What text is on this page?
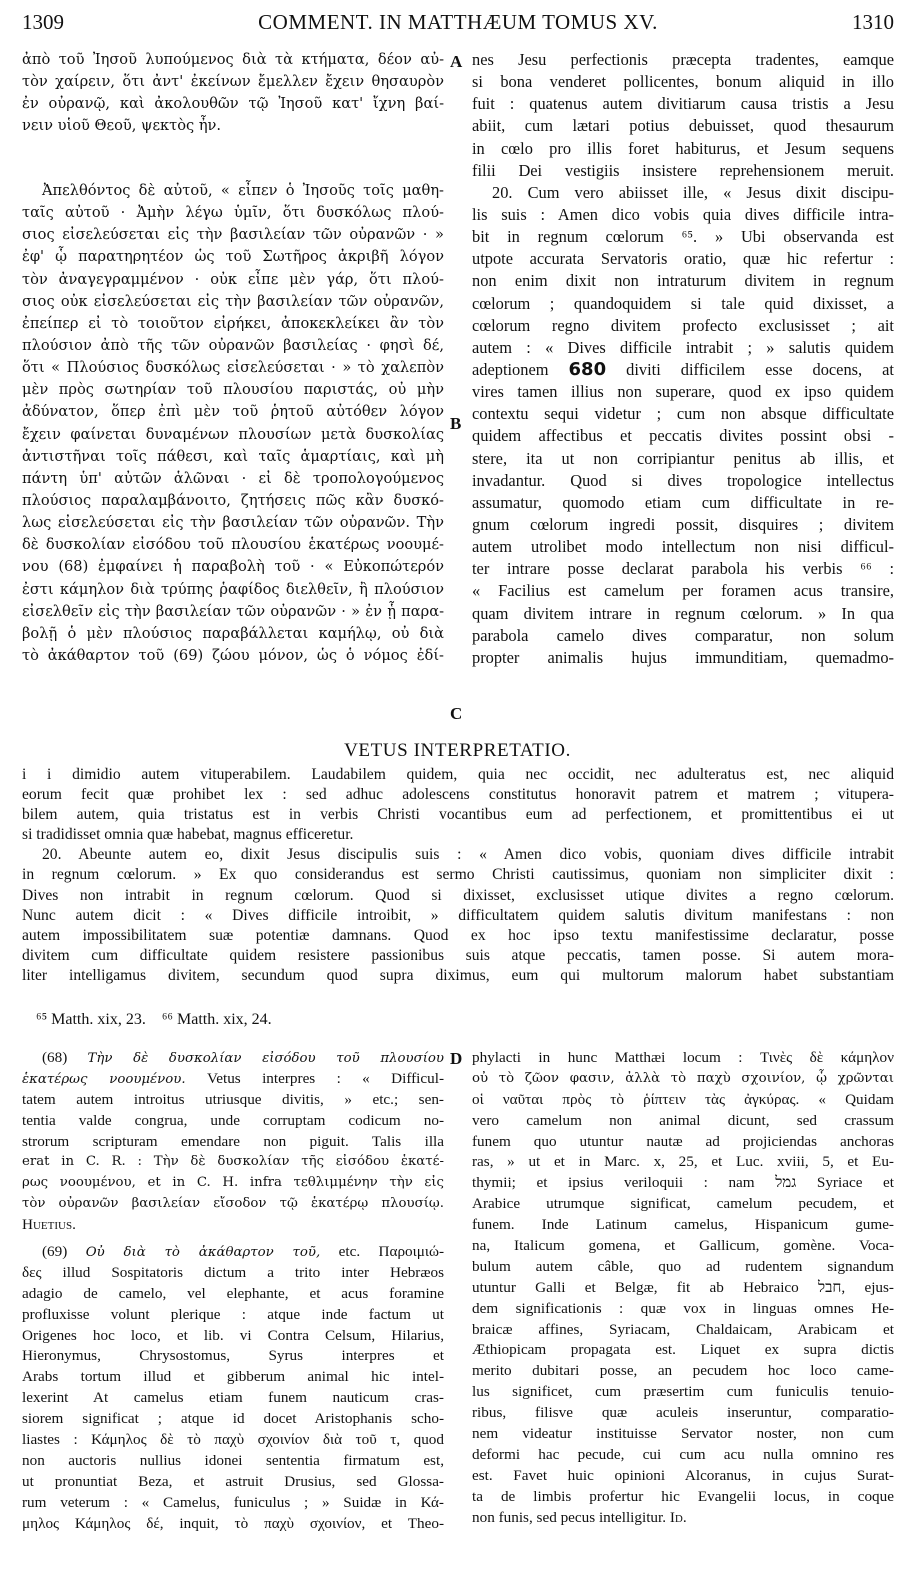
1309	COMMENT. IN MATTHÆUM TOMUS XV.	1310
ἀπὸ τοῦ Ἰησοῦ λυπούμενος διὰ τὰ κτήματα, δέον αὐ-
τὸν χαίρειν, ὅτι ἀντ' ἐκείνων ἔμελλεν ἔχειν θησαυρὸν
ἐν οὐρανῷ, καὶ ἀκολουθῶν τῷ Ἰησοῦ κατ' ἴχνη βαί-
νειν υἱοῦ Θεοῦ, ψεκτὸς ἦν.
Ἀπελθόντος δὲ αὐτοῦ, « εἶπεν ὁ Ἰησοῦς τοῖς μαθη-
ταῖς αὐτοῦ · Ἀμὴν λέγω ὑμῖν, ὅτι δυσκόλως πλού-
σιος εἰσελεύσεται εἰς τὴν βασιλείαν τῶν οὐρανῶν · »
ἐφ' ᾧ παρατηρητέον ὡς τοῦ Σωτῆρος ἀκριβῆ λόγον
τὸν ἀναγεγραμμένον · οὐκ εἶπε μὲν γάρ, ὅτι πλού-
σιος οὐκ εἰσελεύσεται εἰς τὴν βασιλείαν τῶν οὐρανῶν,
ἐπείπερ εἰ τὸ τοιοῦτον εἰρήκει, ἀποκεκλείκει ἂν τὸν
πλούσιον ἀπὸ τῆς τῶν οὐρανῶν βασιλείας · φησὶ δέ,
ὅτι « Πλούσιος δυσκόλως εἰσελεύσεται · » τὸ χαλεπὸν
μὲν πρὸς σωτηρίαν τοῦ πλουσίου παριστάς, οὐ μὴν
ἀδύνατον, ὅπερ ἐπὶ μὲν τοῦ ῥητοῦ αὐτόθεν λόγον
ἔχειν φαίνεται δυναμένων πλουσίων μετὰ δυσκολίας
ἀντιστῆναι τοῖς πάθεσι, καὶ ταῖς ἁμαρτίαις, καὶ μὴ
πάντη ὑπ' αὐτῶν ἁλῶναι · εἰ δὲ τροπολογούμενος
πλούσιος παραλαμβάνοιτο, ζητήσεις πῶς κἂν δυσκό-
λως εἰσελεύσεται εἰς τὴν βασιλείαν τῶν οὐρανῶν. Τὴν
δὲ δυσκολίαν εἰσόδου τοῦ πλουσίου ἑκατέρως νοουμέ-
νου (68) ἐμφαίνει ἡ παραβολὴ τοῦ · « Εὐκοπώτερόν
ἐστι κάμηλον διὰ τρύπης ῥαφίδος διελθεῖν, ἢ πλούσιον
εἰσελθεῖν εἰς τὴν βασιλείαν τῶν οὐρανῶν · » ἐν ᾗ παρα-
βολῇ ὁ μὲν πλούσιος παραβάλλεται καμήλῳ, οὐ διὰ
τὸ ἀκάθαρτον τοῦ (69) ζώου μόνον, ὡς ὁ νόμος ἐδί-
A
B
C
nes Jesu perfectionis præcepta tradentes, eamque
si bona venderet pollicentes, bonum aliquid in illo
fuit : quatenus autem divitiarum causa tristis a Jesu
abiit, cum lætari potius debuisset, quod thesaurum
in cœlo pro illis foret habiturus, et Jesum sequens
filii Dei vestigiis insistere reprehensionem meruit.
20. Cum vero abiisset ille, « Jesus dixit discipu-
lis suis : Amen dico vobis quia dives difficile intra-
bit in regnum cœlorum ⁶⁵. » Ubi observanda est
utpote accurata Servatoris oratio, quæ hic refertur :
non enim dixit non intraturum divitem in regnum
cœlorum ; quandoquidem si tale quid dixisset, a
cœlorum regno divitem profecto exclusisset ; ait
autem : « Dives difficile intrabit ; » salutis quidem
adeptionem 680 diviti difficilem esse docens, at
vires tamen illius non superare, quod ex ipso quidem
contextu sequi videtur ; cum non absque difficultate
quidem affectibus et peccatis divites possint obsi -
stere, ita ut non corripiantur penitus ab illis, et
invadantur. Quod si dives tropologice intellectus
assumatur, quomodo etiam cum difficultate in re-
gnum cœlorum ingredi possit, disquires ; divitem
autem utrolibet modo intellectum non nisi difficul-
ter intrare posse declarat parabola his verbis ⁶⁶ :
« Facilius est camelum per foramen acus transire,
quam divitem intrare in regnum cœlorum. » In qua
parabola camelo dives comparatur, non solum
propter animalis hujus immunditiam, quemadmo-
VETUS INTERPRETATIO.
i i dimidio autem vituperabilem. Laudabilem quidem, quia nec occidit, nec adulteratus est, nec aliquid
eorum fecit quæ prohibet lex : sed adhuc adolescens constitutus honoravit patrem et matrem ; vitupera-
bilem autem, quia tristatus est in verbis Christi vocantibus eum ad perfectionem, et promittentibus ei ut
si tradidisset omnia quæ habebat, magnus efficeretur.
20. Abeunte autem eo, dixit Jesus discipulis suis : « Amen dico vobis, quoniam dives difficile intrabit
in regnum cœlorum. » Ex quo considerandus est sermo Christi cautissimus, quoniam non simpliciter dixit :
Dives non intrabit in regnum cœlorum. Quod si dixisset, exclusisset utique divites a regno cœlorum.
Nunc autem dicit : « Dives difficile introibit, » difficultatem quidem salutis divitum manifestans : non
autem impossibilitatem suæ potentiæ damnans. Quod ex hoc ipso textu manifestissime declaratur, posse
divitem cum difficultate quidem resistere passionibus suis atque peccatis, tamen posse. Si autem mora-
liter intelligamus divitem, secundum quod supra diximus, eum qui multorum malorum habet substantiam
⁶⁵ Matth. xix, 23. ⁶⁶ Matth. xix, 24.
(68) Τὴν δὲ δυσκολίαν εἰσόδου τοῦ πλουσίου
ἑκατέρως νοουμένου. Vetus interpres : « Difficul-
tatem autem introitus utriusque divitis, » etc.; sen-
tentia valde congrua, unde corruptam codicum no-
strorum scripturam emendare non piguit. Talis illa
erat in C. R. : Τὴν δὲ δυσκολίαν τῆς εἰσόδου ἑκατέ-
ρως νοουμένου, et in C. H. infra τεθλιμμένην τὴν εἰς
τὸν οὐρανῶν βασιλείαν εἴσοδον τῷ ἑκατέρῳ πλουσίῳ.
Huetius.
(69) Οὐ διὰ τὸ ἀκάθαρτον τοῦ, etc. Παροιμιώ-
δες illud Sospitatoris dictum a trito inter Hebræos
adagio de camelo, vel elephante, et acus foramine
profluxisse volunt plerique : atque inde factum ut
Origenes hoc loco, et lib. vi Contra Celsum, Hilarius,
Hieronymus, Chrysostomus, Syrus interpres et
Arabs tortum illud et gibberum animal hic intel-
lexerint At camelus etiam funem nauticum cras-
siorem significat ; atque id docet Aristophanis scho-
liastes : Κάμηλος δὲ τὸ παχὺ σχοινίον διὰ τοῦ τ, quod
non auctoris nullius idonei sententia firmatum est,
ut pronuntiat Beza, et astruit Drusius, sed Glossa-
rum veterum : « Camelus, funiculus ; » Suidæ in Κά-
μηλος Κάμηλος δέ, inquit, τὸ παχὺ σχοινίον, et Theo-
D phylacti in hunc Matthæi locum : Τινὲς δὲ κάμηλον
οὐ τὸ ζῶον φασιν, ἀλλὰ τὸ παχὺ σχοινίον, ᾧ χρῶνται
οἱ ναῦται πρὸς τὸ ῥίπτειν τὰς ἀγκύρας. « Quidam
vero camelum non animal dicunt, sed crassum
funem quo utuntur nautæ ad projiciendas anchoras
ras, » ut et in Marc. x, 25, et Luc. xviii, 5, et Eu-
thymii; et ipsius veriloquii : nam גמל Syriace et
Arabice utrumque significat, camelum pecudem, et
funem. Inde Latinum camelus, Hispanicum gume-
na, Italicum gomena, et Gallicum, gomène. Voca-
bulum autem câble, quo ad rudentem signandum
utuntur Galli et Belgæ, fit ab Hebraico חבל, ejus-
dem significationis : quæ vox in linguas omnes He-
braicæ affines, Syriacam, Chaldaicam, Arabicam et
Æthiopicam propagata est. Liquet ex supra dictis
merito dubitari posse, an pecudem hoc loco came-
lus significet, cum præsertim cum funiculis tenuio-
ribus, filisve quæ aculeis inseruntur, comparatio-
nem videatur instituisse Servator noster, non cum
deformi hac pecude, cui cum acu nulla omnino res
est. Favet huic opinioni Alcoranus, in cujus Surat-
ta de limbis profertur hic Evangelii locus, in coque
non funis, sed pecus intelligitur. Id.
